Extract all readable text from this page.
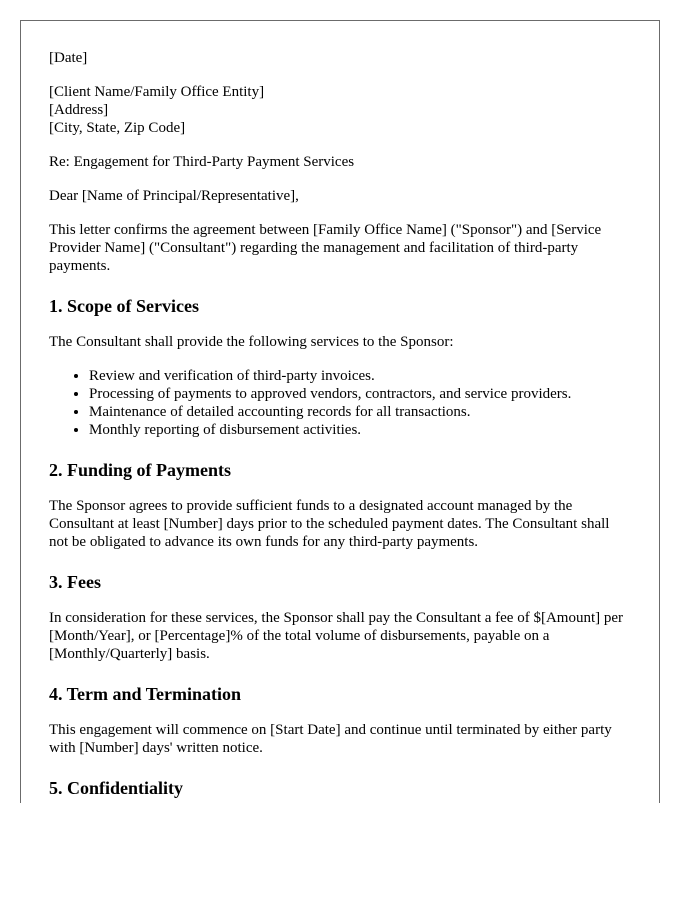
[Date]

[Client Name/Family Office Entity]
[Address]
[City, State, Zip Code]

Re: Engagement for Third-Party Payment Services

Dear [Name of Principal/Representative],

This letter confirms the agreement between [Family Office Name] ("Sponsor") and [Service Provider Name] ("Consultant") regarding the management and facilitation of third-party payments.

1. Scope of Services

The Consultant shall provide the following services to the Sponsor:

• Review and verification of third-party invoices.
• Processing of payments to approved vendors, contractors, and service providers.
• Maintenance of detailed accounting records for all transactions.
• Monthly reporting of disbursement activities.
2. Funding of Payments

The Sponsor agrees to provide sufficient funds to a designated account managed by the Consultant at least [Number] days prior to the scheduled payment dates. The Consultant shall not be obligated to advance its own funds for any third-party payments.

3. Fees

In consideration for these services, the Sponsor shall pay the Consultant a fee of $[Amount] per [Month/Year], or [Percentage]% of the total volume of disbursements, payable on a [Monthly/Quarterly] basis.

4. Term and Termination

This engagement will commence on [Start Date] and continue until terminated by either party with [Number] days' written notice.

5. Confidentiality
